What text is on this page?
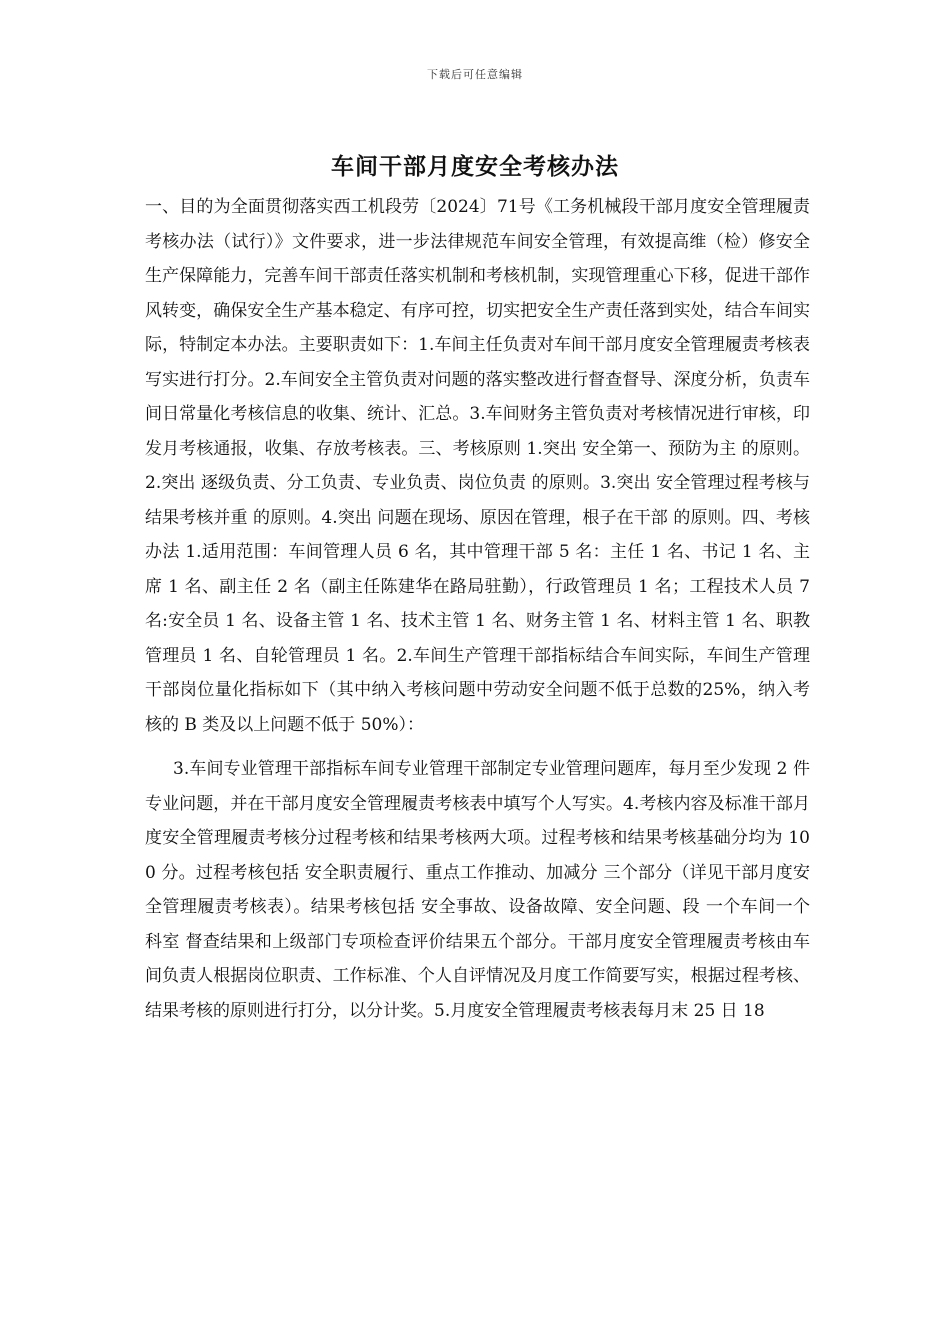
下载后可任意编辑
车间干部月度安全考核办法

一、目的为全面贯彻落实西工机段劳〔2024〕71号《工务机械段干部月度安全管理履责考核办法（试行）》文件要求，进一步法律规范车间安全管理，有效提高维（检）修安全生产保障能力，完善车间干部责任落实机制和考核机制，实现管理重心下移，促进干部作风转变，确保安全生产基本稳定、有序可控，切实把安全生产责任落到实处，结合车间实际，特制定本办法。主要职责如下：1.车间主任负责对车间干部月度安全管理履责考核表写实进行打分。2.车间安全主管负责对问题的落实整改进行督查督导、深度分析，负责车间日常量化考核信息的收集、统计、汇总。3.车间财务主管负责对考核情况进行审核，印发月考核通报，收集、存放考核表。三、考核原则 1.突出 安全第一、预防为主 的原则。2.突出 逐级负责、分工负责、专业负责、岗位负责 的原则。3.突出 安全管理过程考核与结果考核并重 的原则。4.突出 问题在现场、原因在管理，根子在干部 的原则。四、考核办法 1.适用范围：车间管理人员 6 名，其中管理干部 5 名：主任 1 名、书记 1 名、主席 1 名、副主任 2 名（副主任陈建华在路局驻勤），行政管理员 1 名；工程技术人员 7 名:安全员 1 名、设备主管 1 名、技术主管 1 名、财务主管 1 名、材料主管 1 名、职教管理员 1 名、自轮管理员 1 名。2.车间生产管理干部指标结合车间实际，车间生产管理干部岗位量化指标如下（其中纳入考核问题中劳动安全问题不低于总数的25%，纳入考核的 B 类及以上问题不低于 50%）：

3.车间专业管理干部指标车间专业管理干部制定专业管理问题库，每月至少发现 2 件专业问题，并在干部月度安全管理履责考核表中填写个人写实。4.考核内容及标准干部月度安全管理履责考核分过程考核和结果考核两大项。过程考核和结果考核基础分均为 100 分。过程考核包括 安全职责履行、重点工作推动、加减分 三个部分（详见干部月度安全管理履责考核表）。结果考核包括 安全事故、设备故障、安全问题、段 一个车间一个科室 督查结果和上级部门专项检查评价结果五个部分。干部月度安全管理履责考核由车间负责人根据岗位职责、工作标准、个人自评情况及月度工作简要写实，根据过程考核、结果考核的原则进行打分，以分计奖。5.月度安全管理履责考核表每月末 25 日 18
